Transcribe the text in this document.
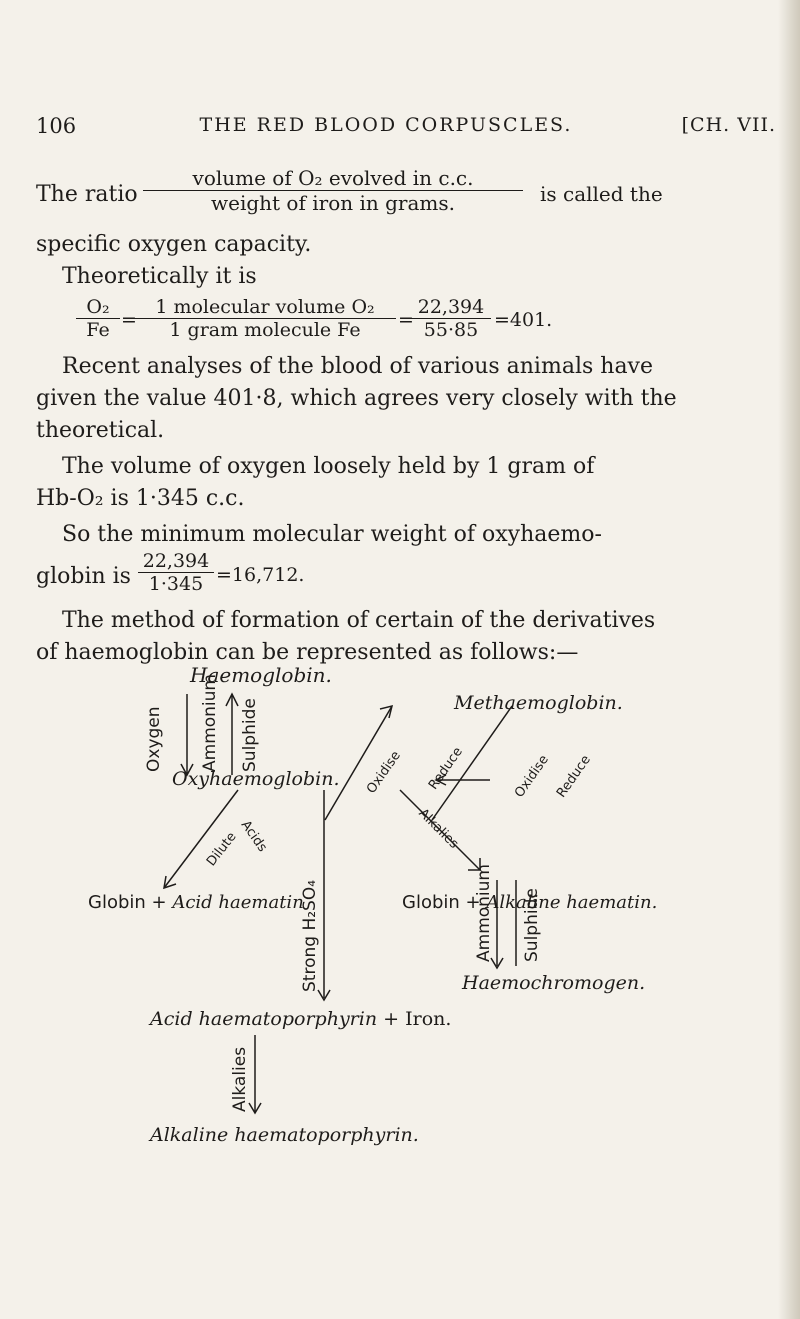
106	THE RED BLOOD CORPUSCLES.	[CH. VII.
The ratio
volume of O₂ evolved in c.c.
weight of iron in grams.	is called the
specific oxygen capacity.
Theoretically it is
$\frac{\text{O₂}}{Fe}$ =
1 molecular volume O₂
1 gram molecule Fe	=
$\frac{22,394}{55\cdot 85} =401$.
Recent analyses of the blood of various animals have
given the value 401·8, which agrees very closely with the
theoretical.
The volume of oxygen loosely held by 1 gram of
Hb-O₂ is 1·345 c.c.
So the minimum molecular weight of oxyhaemo-
globin is $\frac{22,394}{1\cdot 345} =16,712$.
The method of formation of certain of the derivatives
of haemoglobin can be represented as follows:—
Haemoglobin.
Methaemoglobin.
Oxygen Ammonium Sulphide
Oxidise Reduce	Oxidise Reduce
Oxyhaemoglobin.
Dilute
Acids	Alkalies
Globin + Acid haematin	Globin + Alkaline haematin.
Strong H₂SO₄	Ammonium Sulphide
Haemochromogen.
Acid haematoporphyrin + Iron.
Alkalies
Alkaline haematoporphyrin.
